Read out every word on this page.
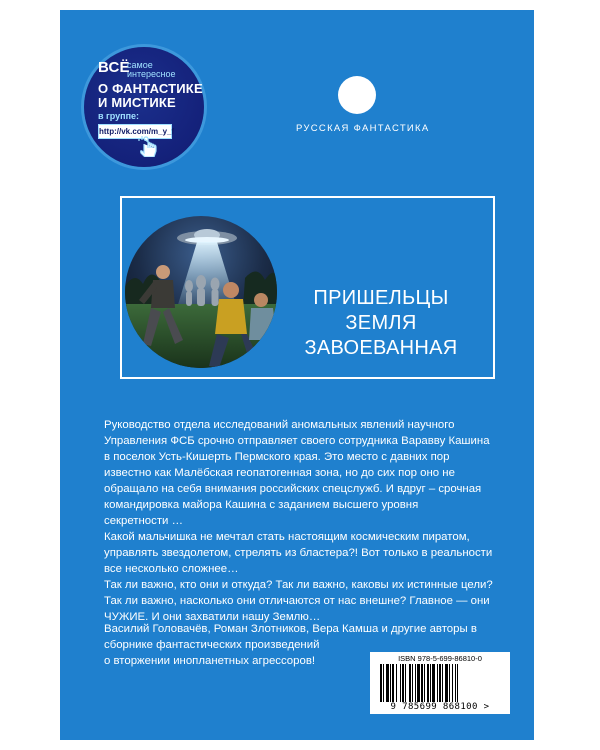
ВСЁ
самое
интересное
О ФАНТАСТИКЕ
И МИСТИКЕ
в группе:
http://vk.com/m_y_f	РУССКАЯ ФАНТАСТИКА
ПРИШЕЛЬЦЫ
ЗЕМЛЯ
ЗАВОЕВАННАЯ

Руководство отдела исследований аномальных явлений научного

Управления ФСБ срочно отправляет своего сотрудника Варавву Кашина

в поселок Усть-Кишерть Пермского края. Это место с давних пор

известно как Малёбская геопатогенная зона, но до сих пор оно не

обращало на себя внимания российских спецслужб. И вдруг – срочная

командировка майора Кашина с заданием высшего уровня

секретности …

Какой мальчишка не мечтал стать настоящим космическим пиратом,

управлять звездолетом, стрелять из бластера?! Вот только в реальности

все несколько сложнее…

Так ли важно, кто они и откуда? Так ли важно, каковы их истинные цели?

Так ли важно, насколько они отличаются от нас внешне? Главное — они

ЧУЖИЕ. И они захватили нашу Землю…

Василий Головачёв, Роман Злотников, Вера Камша и другие авторы в

сборнике фантастических произведений

о вторжении инопланетных агрессоров!	ISBN 978-5-699-86810-0
9 785699 868100 >
